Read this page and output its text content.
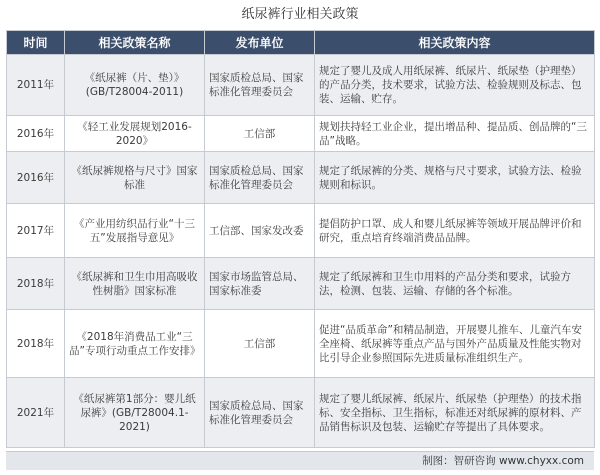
纸尿裤行业相关政策
时间	相关政策名称	发布单位	相关政策内容
2011年	《纸尿裤（片、垫）》(GB/T28004-2011)	国家质检总局、国家标准化管理委员会	规定了婴儿及成人用纸尿裤、纸尿片、纸尿垫（护理垫）的产品分类，技术要求，试验方法、检验规则及标志、包装、运输、贮存。
2016年	《轻工业发展规划2016-2020》	工信部	规划扶持轻工业企业，提出增品种、提品质、创品牌的“三品”战略。
2016年	《纸尿裤规格与尺寸》国家标准	国家质检总局、国家标准化管理委员会	规定了纸尿裤的分类、规格与尺寸要求，试验方法、检验规则和标识。
2017年	《产业用纺织品行业“十三五”发展指导意见》	工信部、国家发改委	提倡防护口罩、成人和婴儿纸尿裤等领域开展品牌评价和研究，重点培育终端消费品品牌。
2018年	《纸尿裤和卫生巾用高吸收性树脂》国家标准	国家市场监管总局、国家标准委	规定了纸尿裤和卫生巾用料的产品分类和要求，试验方法，检测、包装、运输、存储的各个标准。
2018年	《2018年消费品工业“三品”专项行动重点工作安排》	工信部	促进“品质革命”和精品制造，开展婴儿推车、儿童汽车安全座椅、纸尿裤等重点产品与国外产品质量及性能实物对比引导企业参照国际先进质量标准组织生产。
2021年	《纸尿裤第1部分：婴儿纸尿裤》(GB/T28004.1-2021)	国家质检总局、国家标准化管理委员会	规定了婴儿纸尿裤、纸尿片、纸尿垫（护理垫）的技术指标、安全指标、卫生指标，标准还对纸尿裤的原材料、产品销售标识及包装、运输贮存等提出了具体要求。
制图：智研咨询 www.chyxx.com
